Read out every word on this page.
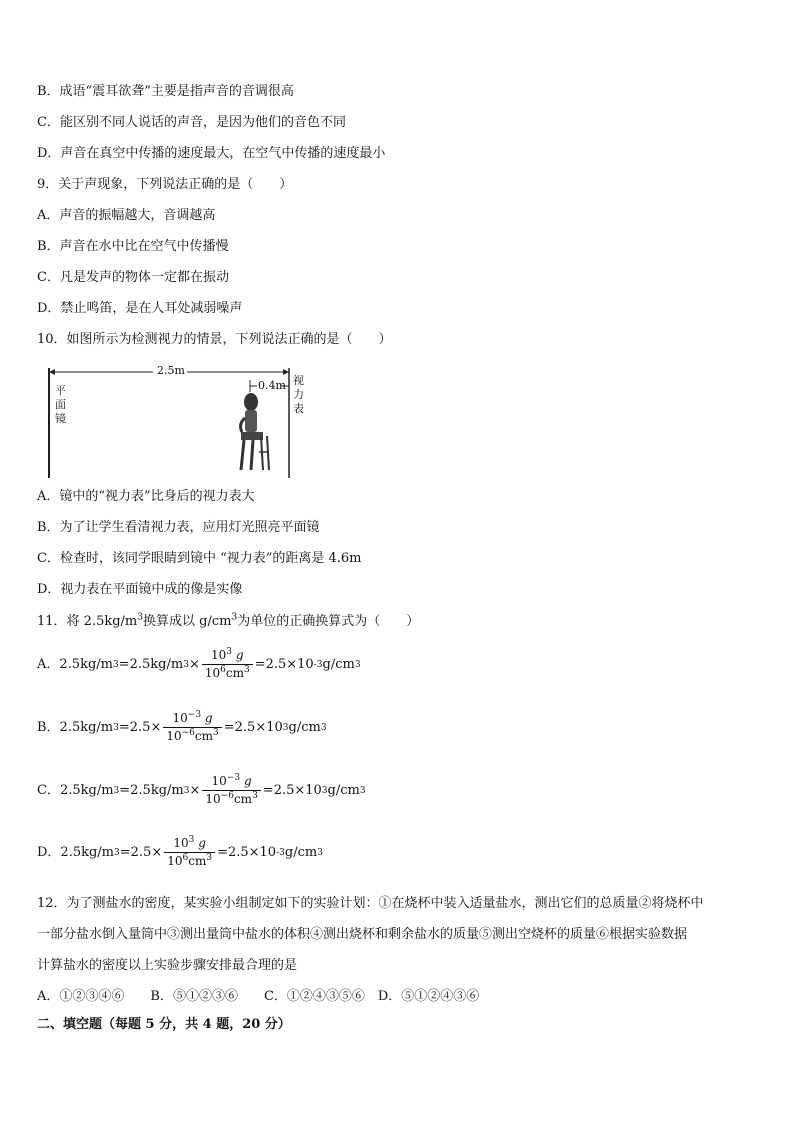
B．成语“震耳欲聋”主要是指声音的音调很高
C．能区别不同人说话的声音，是因为他们的音色不同
D．声音在真空中传播的速度最大，在空气中传播的速度最小
9．关于声现象，下列说法正确的是（　　）
A．声音的振幅越大，音调越高
B．声音在水中比在空气中传播慢
C．凡是发声的物体一定都在振动
D．禁止鸣笛，是在人耳处减弱噪声
10．如图所示为检测视力的情景，下列说法正确的是（　　）
2.5m
0.4m
平
面
镜
视
力
表
A．镜中的“视力表”比身后的视力表大
B．为了让学生看清视力表，应用灯光照亮平面镜
C．检查时，该同学眼睛到镜中 “视力表”的距离是 4.6m
D．视力表在平面镜中成的像是实像
11．将 $2.5kg/m^3$换算成以 $g/cm^3$为单位的正确换算式为（　　）
A．2.5kg/m 3 =2.5kg/m $3 \times \frac{10^3 g}{10^6cm^3} =2.5\times 10$ -3 g/cm 3
B．2.5kg/m $3 =2.5\times \frac{10^{-3} g}{10^{-6}cm^3} =2.5\times 10$ 3 g/cm 3
C．2.5kg/m 3 =2.5kg/m $3 \times \frac{10^{-3} g}{10^{-6}cm^3} =2.5\times 10$ 3 g/cm 3
D．2.5kg/m $3 =2.5\times \frac{10^3 g}{10^6cm^3} =2.5\times 10$ -3 g/cm 3
12．为了测盐水的密度，某实验小组制定如下的实验计划：①在烧杯中装入适量盐水，测出它们的总质量②将烧杯中
一部分盐水倒入量筒中③测出量筒中盐水的体积④测出烧杯和剩余盐水的质量⑤测出空烧杯的质量⑥根据实验数据
计算盐水的密度以上实验步骤安排最合理的是
A．①②③④⑥　　B．⑤①②③⑥　　C．①②④③⑤⑥　D．⑤①②④③⑥
二、填空题（每题 5 分，共 4 题，20 分）
